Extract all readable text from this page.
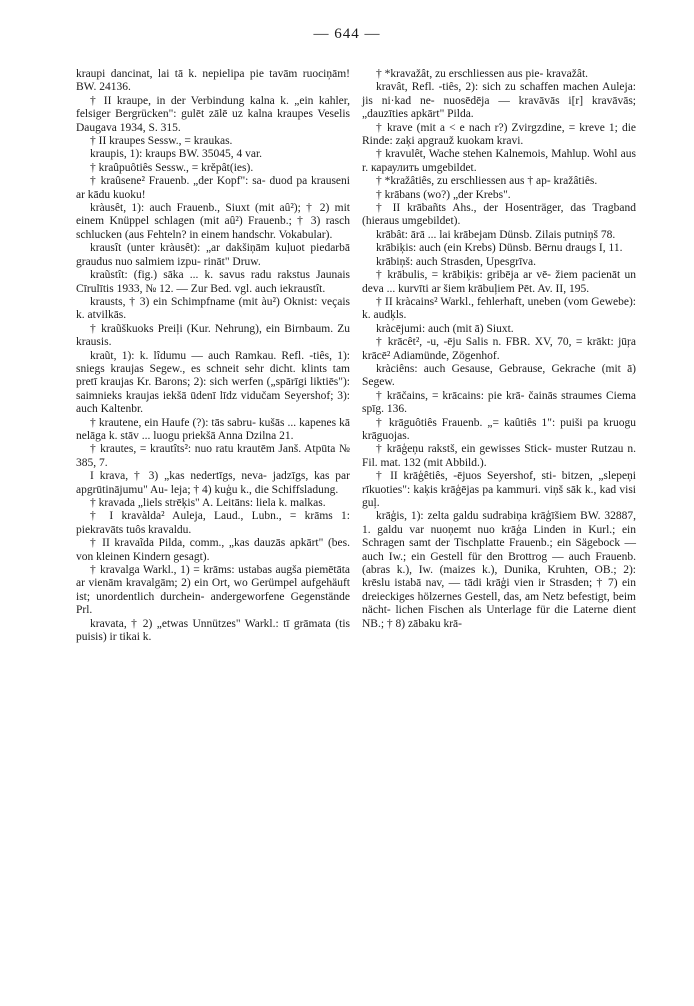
— 644 —

kraupi dancinat, lai tā k. nepielipa pie tavām ruociņām! BW. 24136.

† II kraupe, in der Verbindung kalna k. „ein kahler, felsiger Bergrücken": gulēt zālē uz kalna kraupes Veselis Daugava 1934, S. 315.

† II kraupes Sessw., = kraukas.

kraupis, 1): kraups BW. 35045, 4 var.

† kraûpuôtiês Sessw., = krĕpât(ies).

† kraûsene² Frauenb. „der Kopf": sa- duod pa krauseni ar kādu kuoku!

kràusêt, 1): auch Frauenb., Siuxt (mit aû²); † 2) mit einem Knüppel schlagen (mit aû²) Frauenb.; † 3) rasch schlucken (aus Fehteln? in einem handschr. Vokabular).

krausît (unter kràusêt): „ar dakšiņām kuļuot piedarbā graudus nuo salmiem izpu- rināt" Druw.

kraũstît: (fig.) sāka ... k. savus radu rakstus Jaunais Cīrulītis 1933, № 12. — Zur Bed. vgl. auch iekraustît.

krausts, † 3) ein Schimpfname (mit àu²) Oknist: veçais k. atvilkās.

† kraũškuoks Preiļi (Kur. Nehrung), ein Birnbaum. Zu krausis.

kraũt, 1): k. lîdumu — auch Ramkau. Refl. -tiês, 1): sniegs kraujas Segew., es schneit sehr dicht. klints tam pretī kraujas Kr. Barons; 2): sich werfen („spārīgi liktiēs"): saimnieks kraujas iekšā ūdenī līdz vidučam Seyershof; 3): auch Kaltenbr.

† krautene, ein Haufe (?): tās sabru- kušās ... kapenes kā nelāga k. stāv ... luogu priekšā Anna Dzilna 21.

† krautes, = krautîts²: nuo ratu krautēm Janš. Atpūta № 385, 7.

I krava, † 3) „kas nedertīgs, neva- jadzīgs, kas par apgrūtinājumu" Au- leja; † 4) kuģu k., die Schiffsladung.

† kravada „liels strēķis" A. Leitāns: liela k. malkas.

† I kravàlda² Auleja, Laud., Lubn., = krāms 1: piekravāts tuôs kravaldu.

† II kravaĩda Pilda, comm., „kas dauzās apkārt" (bes. von kleinen Kindern gesagt).

† kravalga Warkl., 1) = krāms: ustabas augša piemētāta ar vienām kravalgām; 2) ein Ort, wo Gerümpel aufgehäuft ist; unordentlich durchein- andergeworfene Gegenstände Prl.

kravata, † 2) „etwas Unnützes" Warkl.: tī grāmata (tis puisis) ir tikai k.

† *kravažât, zu erschliessen aus pie- kravažât.

kravât, Refl. -tiês, 2): sich zu schaffen machen Auleja: jis ni·kad ne- nuosēdēja — kravāvās i[r] kravāvās; „dauzīties apkārt" Pilda.

† krave (mit a < e nach r?) Zvirgzdine, = kreve 1; die Rinde: zaķi apgrauž kuokam kravi.

† kravulêt, Wache stehen Kalnemois, Mahlup. Wohl aus r. караулить umgebildet.

† *kražâtiês, zu erschliessen aus † ap- kražâtiês.

† krābans (wo?) „der Krebs".

† II krābañts Ahs., der Hosenträger, das Tragband (hieraus umgebildet).

krābât: ārā ... lai krābejam Dünsb. Zilais putniņš 78.

krābiķis: auch (ein Krebs) Dünsb. Bērnu draugs I, 11.

krābiņš: auch Strasden, Upesgrīva.

† krābulis, = krābiķis: gribēja ar vē- žiem pacienāt un deva ... kurvīti ar šiem krābuļiem Pēt. Av. II, 195.

† II kràcains² Warkl., fehlerhaft, uneben (vom Gewebe): k. audķls.

kràcējumi: auch (mit ā) Siuxt.

† krācêt², -u, -ēju Salis n. FBR. XV, 70, = krākt: jūŗa krācē² Adiamünde, Zögenhof.

kràciêns: auch Gesause, Gebrause, Gekrache (mit ā) Segew.

† krāčains, = krācains: pie krā- čainās straumes Ciema spīg. 136.

† krāguôtiês Frauenb. „= kaûtiês 1": puiši pa kruogu krāguojas.

† krāģeņu rakstš, ein gewisses Stick- muster Rutzau n. Fil. mat. 132 (mit Abbild.).

† II krāģêtiês, -ējuos Seyershof, sti- bitzen, „slepeņi rīkuoties": kaķis krāģējas pa kammuri. viņš sāk k., kad visi guļ.

krāģis, 1): zelta galdu sudrabiņa krāģīšiem BW. 32887, 1. galdu var nuoņemt nuo krāģa Linden in Kurl.; ein Schragen samt der Tischplatte Frauenb.; ein Sägebock — auch Iw.; ein Gestell für den Brottrog — auch Frauenb. (abras k.), Iw. (maizes k.), Dunika, Kruhten, OB.; 2): krēslu istabā nav, — tādi krāģi vien ir Strasden; † 7) ein dreieckiges hölzernes Gestell, das, am Netz befestigt, beim nächt- lichen Fischen als Unterlage für die Laterne dient NB.; † 8) zābaku krā-
